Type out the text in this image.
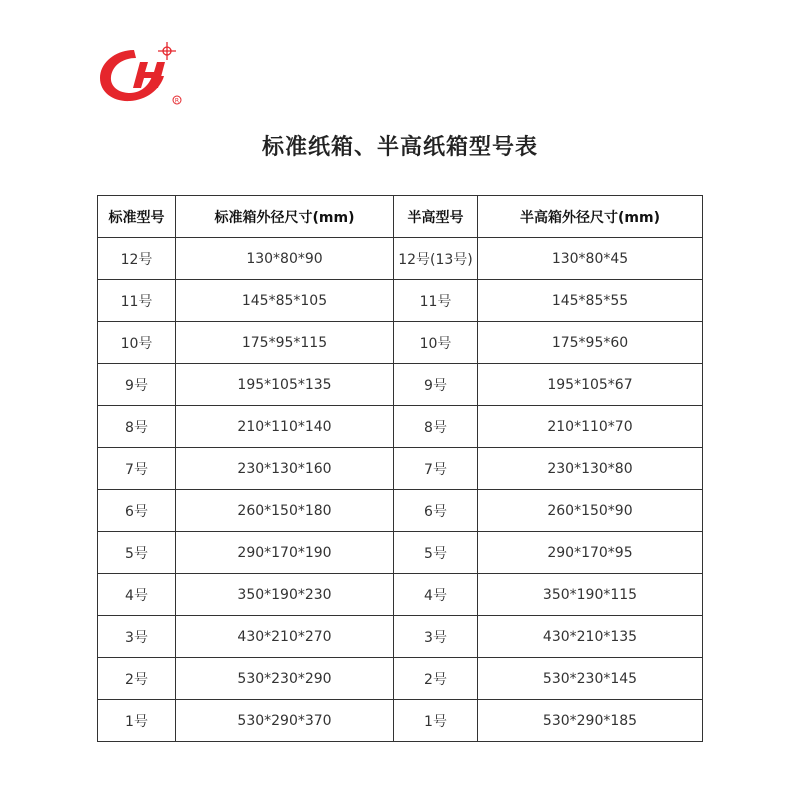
R
标准纸箱、半高纸箱型号表
标准型号	标准箱外径尺寸(mm)	半高型号	半高箱外径尺寸(mm)
12号	130*80*90	12号(13号)	130*80*45
11号	145*85*105	11号	145*85*55
10号	175*95*115	10号	175*95*60
9号	195*105*135	9号	195*105*67
8号	210*110*140	8号	210*110*70
7号	230*130*160	7号	230*130*80
6号	260*150*180	6号	260*150*90
5号	290*170*190	5号	290*170*95
4号	350*190*230	4号	350*190*115
3号	430*210*270	3号	430*210*135
2号	530*230*290	2号	530*230*145
1号	530*290*370	1号	530*290*185
